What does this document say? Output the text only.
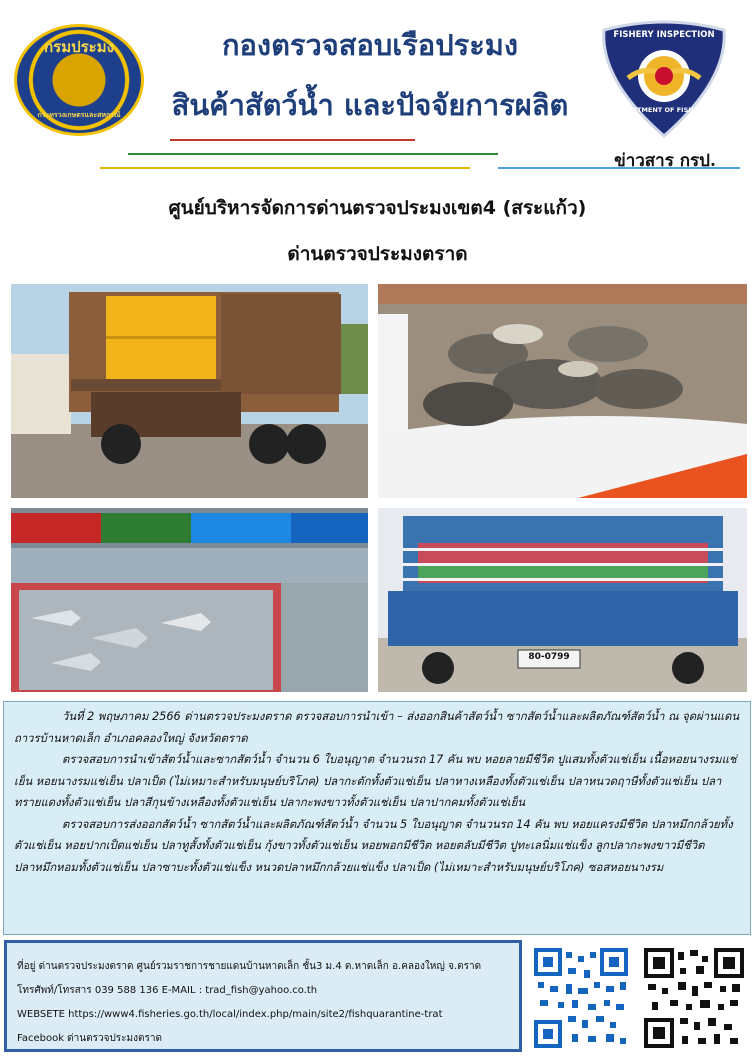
กรมประมง
กระทรวงเกษตรและสหกรณ์
FISHERY INSPECTION
DEPARTMENT OF FISHERIES
กองตรวจสอบเรือประมง
สินค้าสัตว์น้ำ และปัจจัยการผลิต
ข่าวสาร กรป.
ศูนย์บริหารจัดการด่านตรวจประมงเขต4 (สระแก้ว)
ด่านตรวจประมงตราด
80-0799

วันที่ 2 พฤษภาคม 2566 ด่านตรวจประมงตราด ตรวจสอบการนำเข้า – ส่งออกสินค้าสัตว์น้ำ ซากสัตว์น้ำและผลิตภัณฑ์สัตว์น้ำ ณ จุดผ่านแดนถาวรบ้านหาดเล็ก อำเภอคลองใหญ่ จังหวัดตราด

ตรวจสอบการนำเข้าสัตว์น้ำและซากสัตว์น้ำ จำนวน 6 ใบอนุญาต จำนวนรถ 17 คัน พบ หอยลายมีชีวิต ปูแสมทั้งตัวแช่เย็น เนื้อหอยนางรมแช่เย็น หอยนางรมแช่เย็น ปลาเป็ด (ไม่เหมาะสำหรับมนุษย์บริโภค) ปลากะตักทั้งตัวแช่เย็น ปลาหางเหลืองทั้งตัวแช่เย็น ปลาหนวดฤาษีทั้งตัวแช่เย็น ปลาทรายแดงทั้งตัวแช่เย็น ปลาสีกุนข้างเหลืองทั้งตัวแช่เย็น ปลากะพงขาวทั้งตัวแช่เย็น ปลาปากคมทั้งตัวแช่เย็น

ตรวจสอบการส่งออกสัตว์น้ำ ซากสัตว์น้ำและผลิตภัณฑ์สัตว์น้ำ จำนวน 5 ใบอนุญาต จำนวนรถ 14 คัน พบ หอยแครงมีชีวิต ปลาหมึกกล้วยทั้งตัวแช่เย็น หอยปากเป็ดแช่เย็น ปลาทูสั้งทั้งตัวแช่เย็น กุ้งขาวทั้งตัวแช่เย็น หอยพอกมีชีวิต หอยตลับมีชีวิต ปูทะเลนิ่มแช่แข็ง ลูกปลากะพงขาวมีชีวิต ปลาหมึกหอมทั้งตัวแช่เย็น ปลาซาบะทั้งตัวแช่แข็ง หนวดปลาหมึกกล้วยแช่แข็ง ปลาเป็ด (ไม่เหมาะสำหรับมนุษย์บริโภค) ซอสหอยนางรม

ที่อยู่ ด่านตรวจประมงตราด ศูนย์รวมราชการชายแดนบ้านหาดเล็ก ชั้น3 ม.4 ต.หาดเล็ก อ.คลองใหญ่ จ.ตราด
โทรศัพท์/โทรสาร 039 588 136 E-MAIL : trad_fish@yahoo.co.th
WEBSETE https://www4.fisheries.go.th/local/index.php/main/site2/fishquarantine-trat
Facebook ด่านตรวจประมงตราด
